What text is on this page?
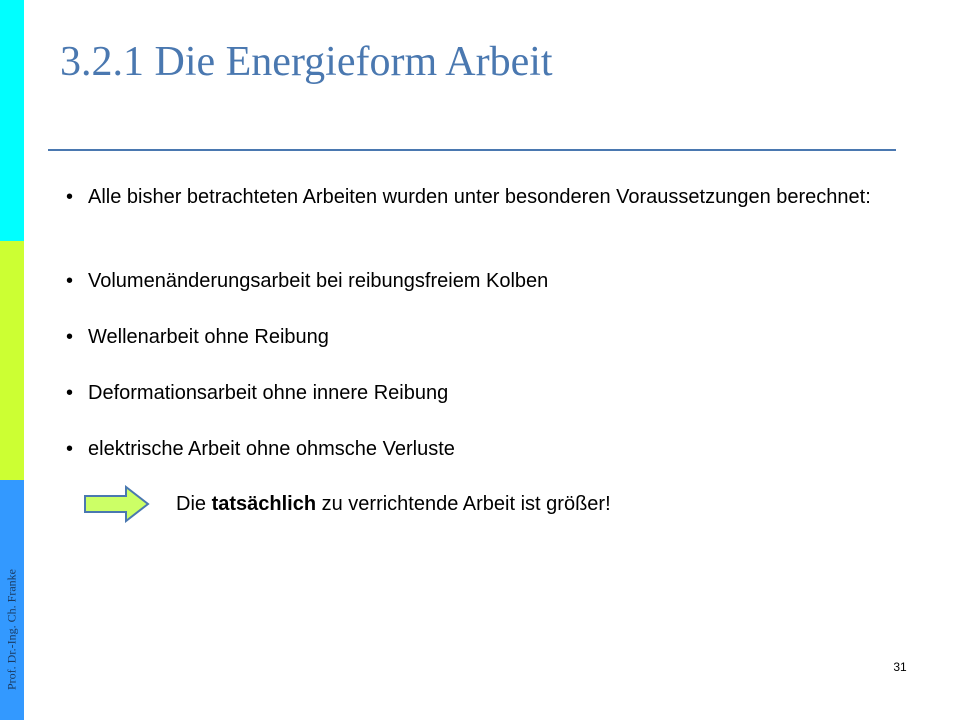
Prof. Dr.-Ing. Ch. Franke
3.2.1 Die Energieform Arbeit
• Alle bisher betrachteten Arbeiten wurden unter besonderen Voraussetzungen berechnet:
• Volumenänderungsarbeit bei reibungsfreiem Kolben
• Wellenarbeit ohne Reibung
• Deformationsarbeit ohne innere Reibung
• elektrische Arbeit ohne ohmsche Verluste
Die tatsächlich zu verrichtende Arbeit ist größer!
31
